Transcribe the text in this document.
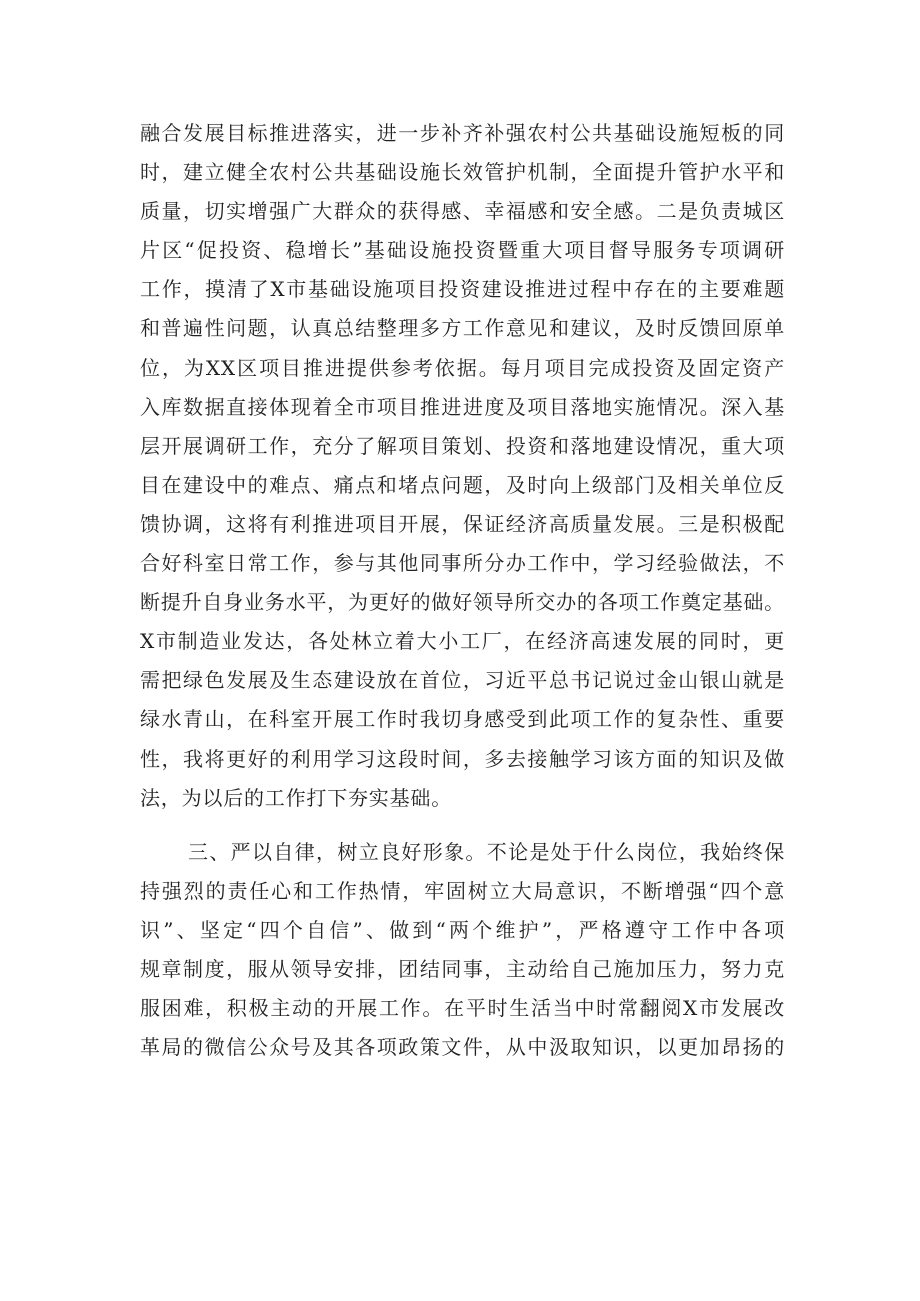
融合发展目标推进落实，进一步补齐补强农村公共基础设施短板的同
时，建立健全农村公共基础设施长效管护机制，全面提升管护水平和
质量，切实增强广大群众的获得感、幸福感和安全感。二是负责城区
片区“促投资、稳增长”基础设施投资暨重大项目督导服务专项调研
工作，摸清了X市基础设施项目投资建设推进过程中存在的主要难题
和普遍性问题，认真总结整理多方工作意见和建议，及时反馈回原单
位，为XX区项目推进提供参考依据。每月项目完成投资及固定资产
入库数据直接体现着全市项目推进进度及项目落地实施情况。深入基
层开展调研工作，充分了解项目策划、投资和落地建设情况，重大项
目在建设中的难点、痛点和堵点问题，及时向上级部门及相关单位反
馈协调，这将有利推进项目开展，保证经济高质量发展。三是积极配
合好科室日常工作，参与其他同事所分办工作中，学习经验做法，不
断提升自身业务水平，为更好的做好领导所交办的各项工作奠定基础。
X市制造业发达，各处林立着大小工厂，在经济高速发展的同时，更
需把绿色发展及生态建设放在首位，习近平总书记说过金山银山就是
绿水青山，在科室开展工作时我切身感受到此项工作的复杂性、重要
性，我将更好的利用学习这段时间，多去接触学习该方面的知识及做
法，为以后的工作打下夯实基础。
三、严以自律，树立良好形象。不论是处于什么岗位，我始终保
持强烈的责任心和工作热情，牢固树立大局意识，不断增强“四个意
识”、坚定“四个自信”、做到“两个维护”，严格遵守工作中各项
规章制度，服从领导安排，团结同事，主动给自己施加压力，努力克
服困难，积极主动的开展工作。在平时生活当中时常翻阅X市发展改
革局的微信公众号及其各项政策文件，从中汲取知识，以更加昂扬的
